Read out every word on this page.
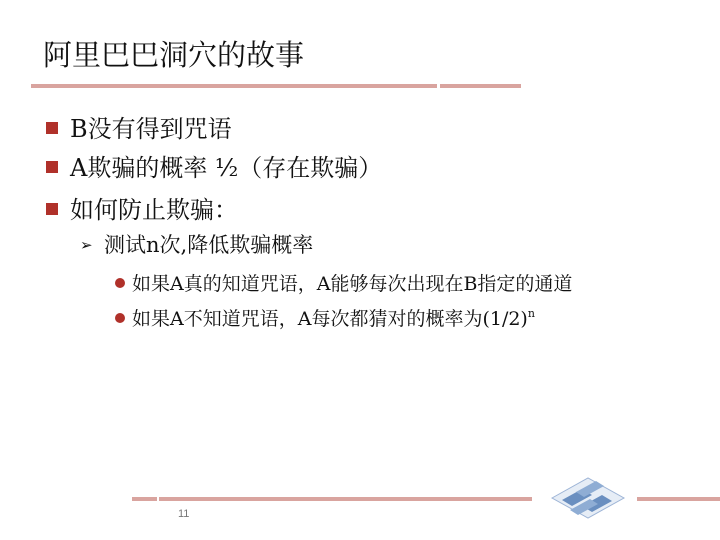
阿里巴巴洞穴的故事
B没有得到咒语
A欺骗的概率 ½（存在欺骗）
如何防止欺骗：
➢ 测试n次,降低欺骗概率
如果A真的知道咒语，A能够每次出现在B指定的通道
如果A不知道咒语，A每次都猜对的概率为$(1/2)^n$
11
